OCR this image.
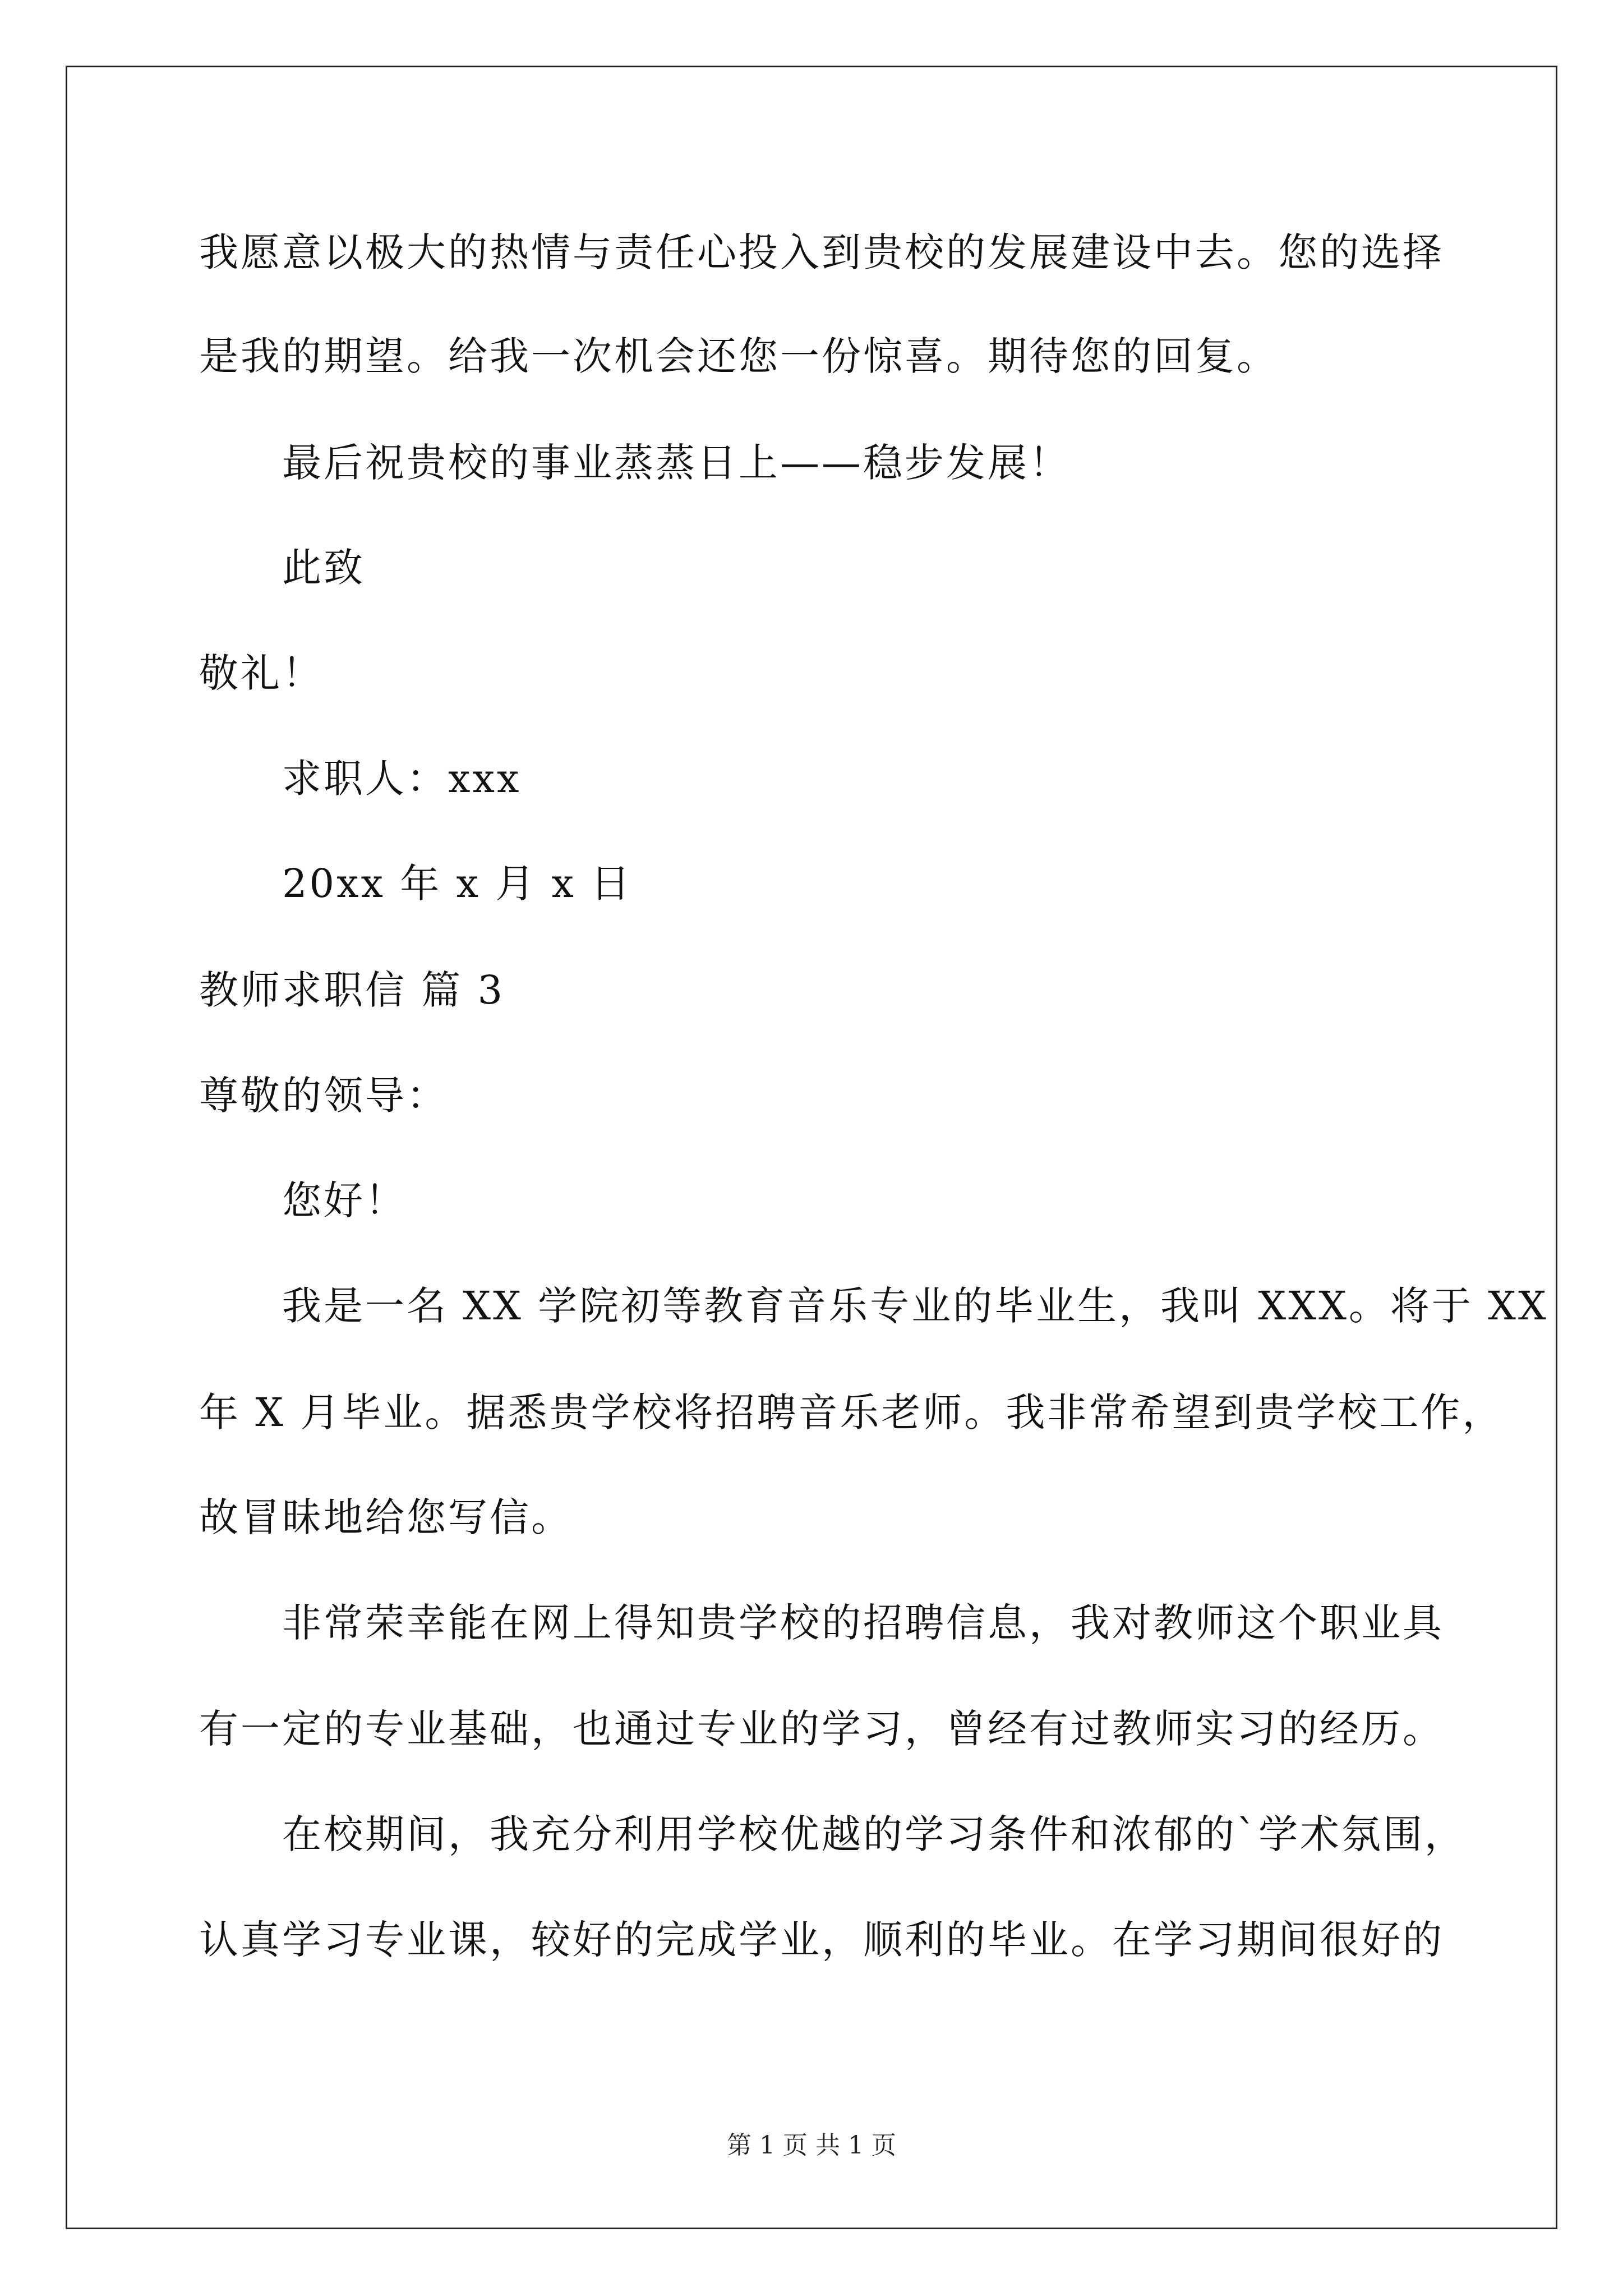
我愿意以极大的热情与责任心投入到贵校的发展建设中去。您的选择
是我的期望。给我一次机会还您一份惊喜。期待您的回复。
最后祝贵校的事业蒸蒸日上——稳步发展！
此致
敬礼！
求职人：xxx
20xx 年 x 月 x 日
教师求职信 篇 3
尊敬的领导：
您好！
我是一名 XX 学院初等教育音乐专业的毕业生，我叫 XXX。将于 XX
年 X 月毕业。据悉贵学校将招聘音乐老师。我非常希望到贵学校工作，
故冒昧地给您写信。
非常荣幸能在网上得知贵学校的招聘信息，我对教师这个职业具
有一定的专业基础，也通过专业的学习，曾经有过教师实习的经历。
在校期间，我充分利用学校优越的学习条件和浓郁的`学术氛围，
认真学习专业课，较好的完成学业，顺利的毕业。在学习期间很好的
第 1 页 共 1 页
